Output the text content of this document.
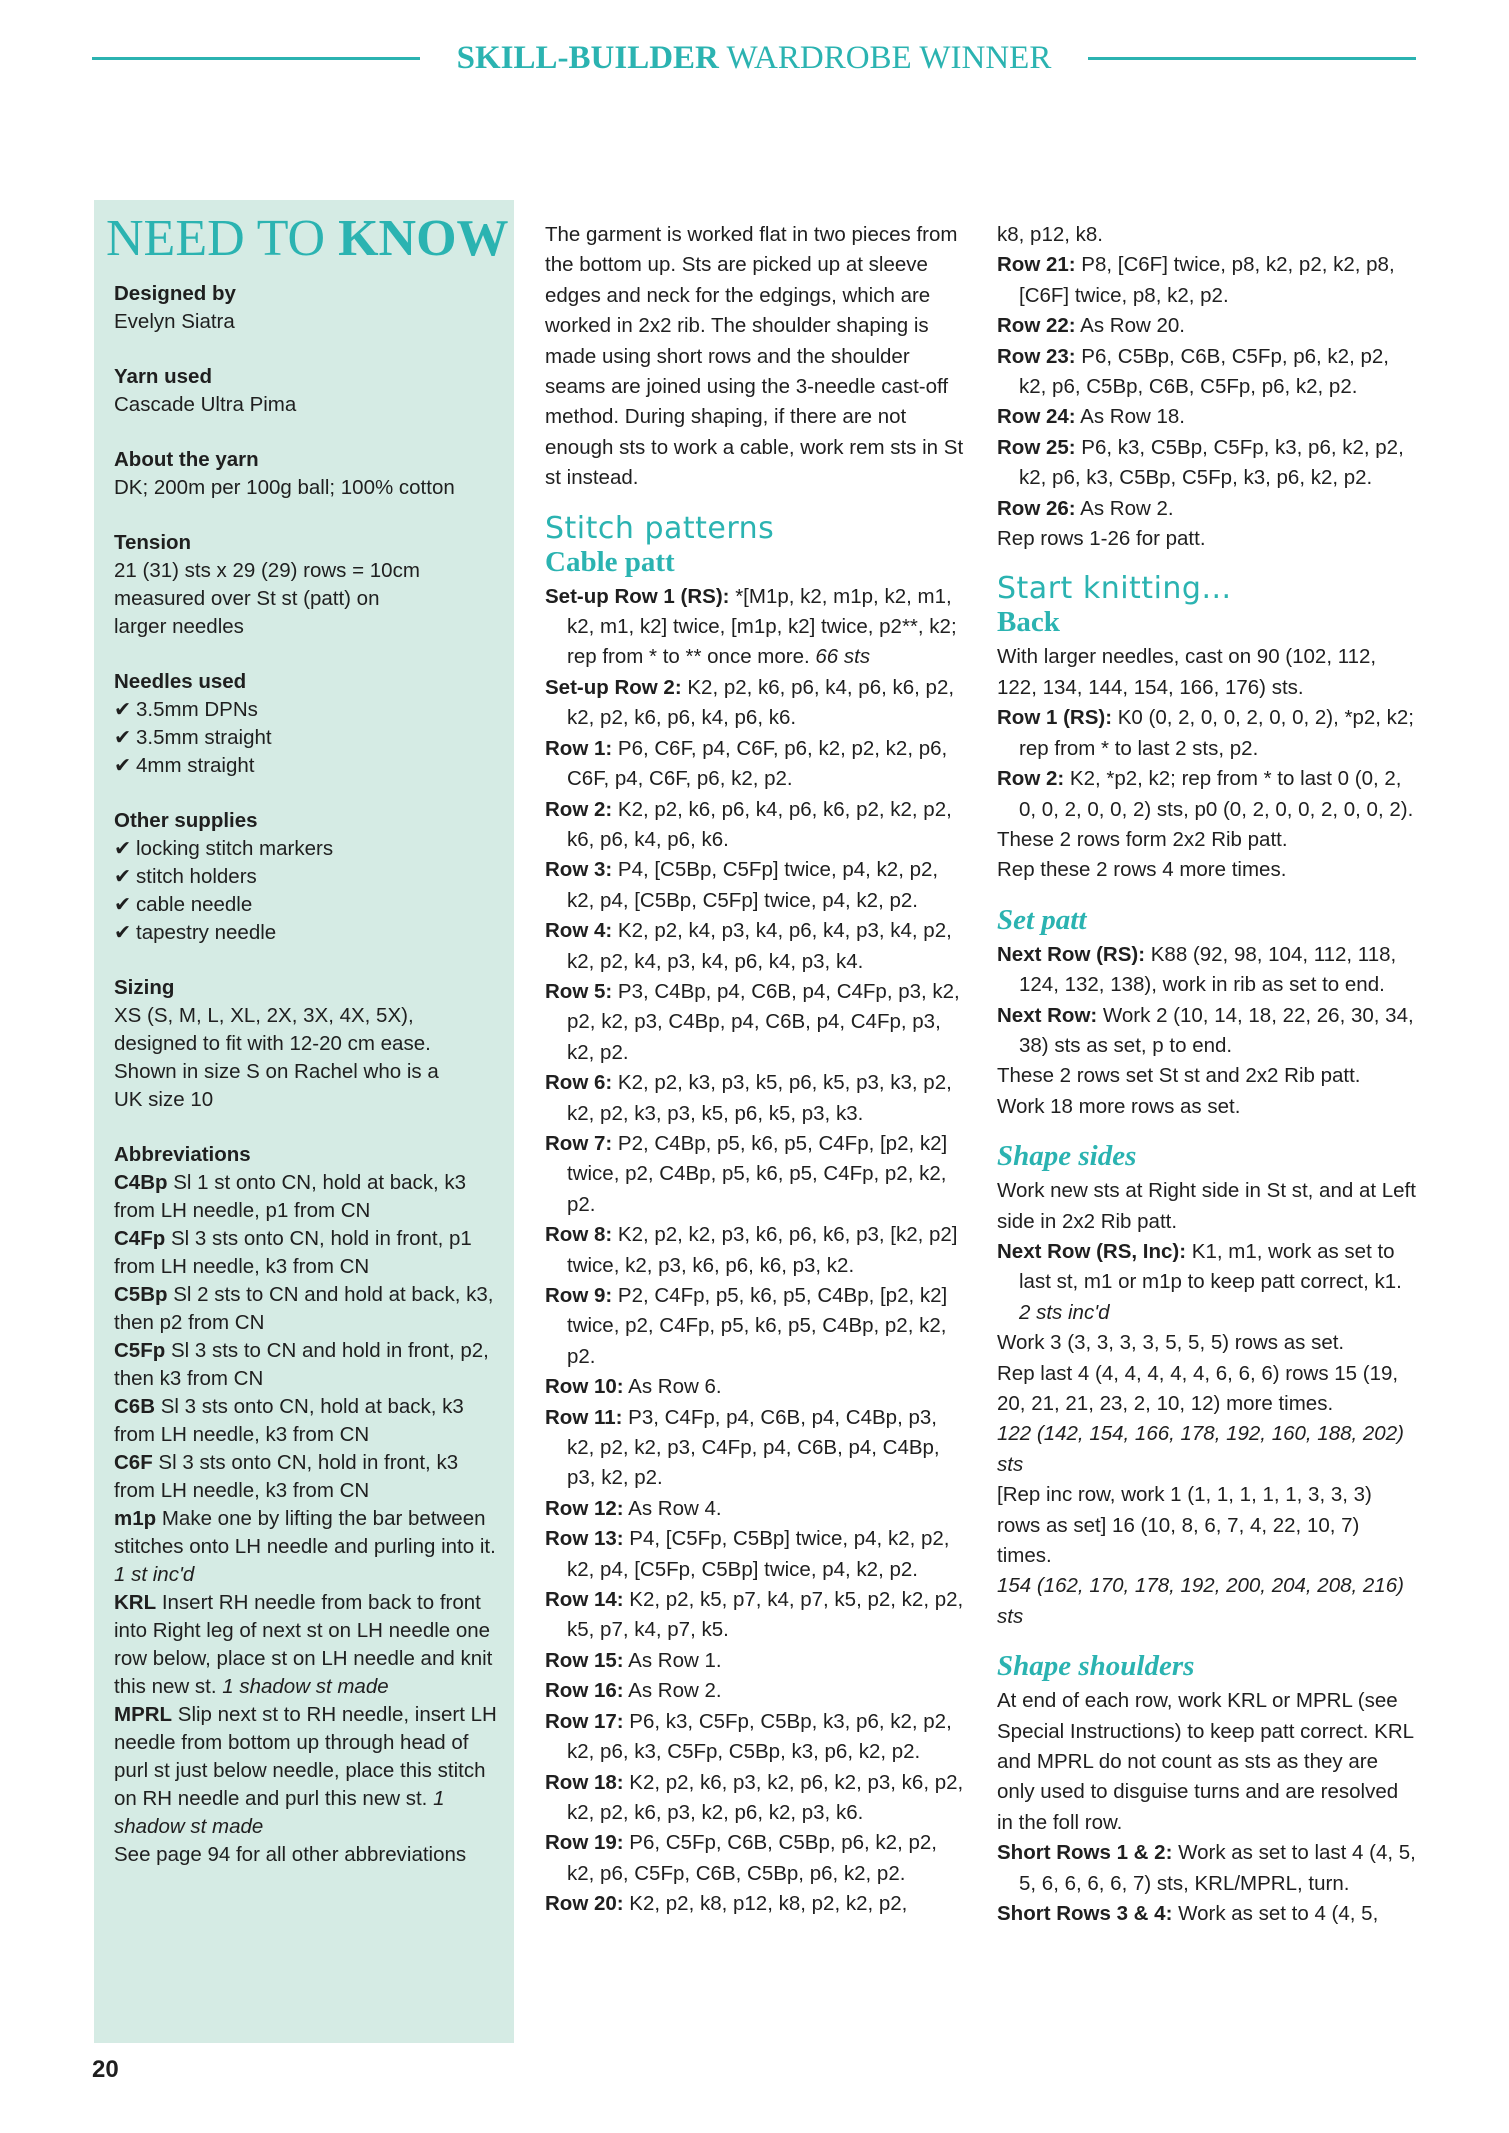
SKILL-BUILDER WARDROBE WINNER
NEED TO KNOW
Designed by
Evelyn Siatra
Yarn used
Cascade Ultra Pima
About the yarn
DK; 200m per 100g ball; 100% cotton
Tension
21 (31) sts x 29 (29) rows = 10cm
measured over St st (patt) on
larger needles
Needles used
✔ 3.5mm DPNs
✔ 3.5mm straight
✔ 4mm straight
Other supplies
✔ locking stitch markers
✔ stitch holders
✔ cable needle
✔ tapestry needle
Sizing
XS (S, M, L, XL, 2X, 3X, 4X, 5X),
designed to fit with 12-20 cm ease.
Shown in size S on Rachel who is a
UK size 10
Abbreviations
C4Bp Sl 1 st onto CN, hold at back, k3 from LH needle, p1 from CN
C4Fp Sl 3 sts onto CN, hold in front, p1 from LH needle, k3 from CN
C5Bp Sl 2 sts to CN and hold at back, k3, then p2 from CN
C5Fp Sl 3 sts to CN and hold in front, p2, then k3 from CN
C6B Sl 3 sts onto CN, hold at back, k3 from LH needle, k3 from CN
C6F Sl 3 sts onto CN, hold in front, k3 from LH needle, k3 from CN
m1p Make one by lifting the bar between stitches onto LH needle and purling into it. 1 st inc'd
KRL Insert RH needle from back to front into Right leg of next st on LH needle one row below, place st on LH needle and knit this new st. 1 shadow st made
MPRL Slip next st to RH needle, insert LH needle from bottom up through head of purl st just below needle, place this stitch on RH needle and purl this new st. 1 shadow st made
See page 94 for all other abbreviations

The garment is worked flat in two pieces from the bottom up. Sts are picked up at sleeve edges and neck for the edgings, which are worked in 2x2 rib. The shoulder shaping is made using short rows and the shoulder seams are joined using the 3-needle cast-off method. During shaping, if there are not enough sts to work a cable, work rem sts in St st instead.

Stitch patterns
Cable patt

Set-up Row 1 (RS): *[M1p, k2, m1p, k2, m1, k2, m1, k2] twice, [m1p, k2] twice, p2**, k2; rep from * to ** once more. 66 sts

Set-up Row 2: K2, p2, k6, p6, k4, p6, k6, p2, k2, p2, k6, p6, k4, p6, k6.

Row 1: P6, C6F, p4, C6F, p6, k2, p2, k2, p6, C6F, p4, C6F, p6, k2, p2.

Row 2: K2, p2, k6, p6, k4, p6, k6, p2, k2, p2, k6, p6, k4, p6, k6.

Row 3: P4, [C5Bp, C5Fp] twice, p4, k2, p2, k2, p4, [C5Bp, C5Fp] twice, p4, k2, p2.

Row 4: K2, p2, k4, p3, k4, p6, k4, p3, k4, p2, k2, p2, k4, p3, k4, p6, k4, p3, k4.

Row 5: P3, C4Bp, p4, C6B, p4, C4Fp, p3, k2, p2, k2, p3, C4Bp, p4, C6B, p4, C4Fp, p3, k2, p2.

Row 6: K2, p2, k3, p3, k5, p6, k5, p3, k3, p2, k2, p2, k3, p3, k5, p6, k5, p3, k3.

Row 7: P2, C4Bp, p5, k6, p5, C4Fp, [p2, k2] twice, p2, C4Bp, p5, k6, p5, C4Fp, p2, k2, p2.

Row 8: K2, p2, k2, p3, k6, p6, k6, p3, [k2, p2] twice, k2, p3, k6, p6, k6, p3, k2.

Row 9: P2, C4Fp, p5, k6, p5, C4Bp, [p2, k2] twice, p2, C4Fp, p5, k6, p5, C4Bp, p2, k2, p2.

Row 10: As Row 6.

Row 11: P3, C4Fp, p4, C6B, p4, C4Bp, p3, k2, p2, k2, p3, C4Fp, p4, C6B, p4, C4Bp, p3, k2, p2.

Row 12: As Row 4.

Row 13: P4, [C5Fp, C5Bp] twice, p4, k2, p2, k2, p4, [C5Fp, C5Bp] twice, p4, k2, p2.

Row 14: K2, p2, k5, p7, k4, p7, k5, p2, k2, p2, k5, p7, k4, p7, k5.

Row 15: As Row 1.

Row 16: As Row 2.

Row 17: P6, k3, C5Fp, C5Bp, k3, p6, k2, p2, k2, p6, k3, C5Fp, C5Bp, k3, p6, k2, p2.

Row 18: K2, p2, k6, p3, k2, p6, k2, p3, k6, p2, k2, p2, k6, p3, k2, p6, k2, p3, k6.

Row 19: P6, C5Fp, C6B, C5Bp, p6, k2, p2, k2, p6, C5Fp, C6B, C5Bp, p6, k2, p2.

Row 20: K2, p2, k8, p12, k8, p2, k2, p2,

k8, p12, k8.

Row 21: P8, [C6F] twice, p8, k2, p2, k2, p8, [C6F] twice, p8, k2, p2.

Row 22: As Row 20.

Row 23: P6, C5Bp, C6B, C5Fp, p6, k2, p2, k2, p6, C5Bp, C6B, C5Fp, p6, k2, p2.

Row 24: As Row 18.

Row 25: P6, k3, C5Bp, C5Fp, k3, p6, k2, p2, k2, p6, k3, C5Bp, C5Fp, k3, p6, k2, p2.

Row 26: As Row 2.

Rep rows 1-26 for patt.

Start knitting...
Back

With larger needles, cast on 90 (102, 112, 122, 134, 144, 154, 166, 176) sts.

Row 1 (RS): K0 (0, 2, 0, 0, 2, 0, 0, 2), *p2, k2; rep from * to last 2 sts, p2.

Row 2: K2, *p2, k2; rep from * to last 0 (0, 2, 0, 0, 2, 0, 0, 2) sts, p0 (0, 2, 0, 0, 2, 0, 0, 2).

These 2 rows form 2x2 Rib patt.

Rep these 2 rows 4 more times.

Set patt

Next Row (RS): K88 (92, 98, 104, 112, 118, 124, 132, 138), work in rib as set to end.

Next Row: Work 2 (10, 14, 18, 22, 26, 30, 34, 38) sts as set, p to end.

These 2 rows set St st and 2x2 Rib patt.

Work 18 more rows as set.

Shape sides

Work new sts at Right side in St st, and at Left side in 2x2 Rib patt.

Next Row (RS, Inc): K1, m1, work as set to last st, m1 or m1p to keep patt correct, k1. 2 sts inc'd

Work 3 (3, 3, 3, 3, 5, 5, 5) rows as set.

Rep last 4 (4, 4, 4, 4, 4, 6, 6, 6) rows 15 (19, 20, 21, 21, 23, 2, 10, 12) more times.

122 (142, 154, 166, 178, 192, 160, 188, 202) sts

[Rep inc row, work 1 (1, 1, 1, 1, 1, 3, 3, 3) rows as set] 16 (10, 8, 6, 7, 4, 22, 10, 7) times.

154 (162, 170, 178, 192, 200, 204, 208, 216) sts

Shape shoulders

At end of each row, work KRL or MPRL (see Special Instructions) to keep patt correct. KRL and MPRL do not count as sts as they are only used to disguise turns and are resolved in the foll row.

Short Rows 1 & 2: Work as set to last 4 (4, 5, 5, 6, 6, 6, 6, 7) sts, KRL/MPRL, turn.

Short Rows 3 & 4: Work as set to 4 (4, 5,

20
